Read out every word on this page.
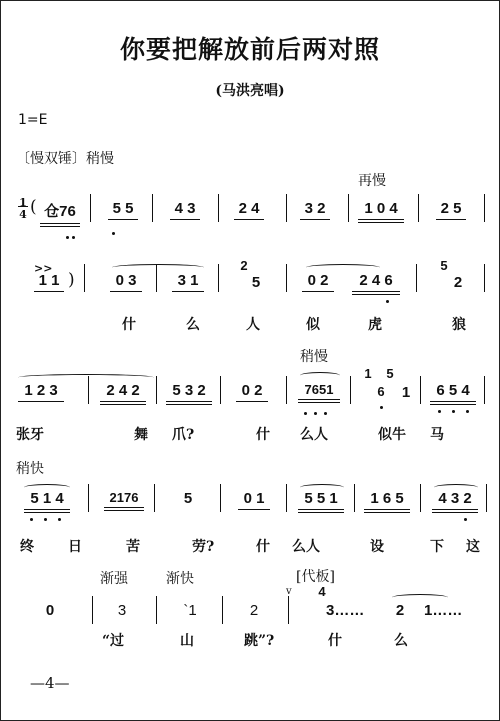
你要把解放前后两对照
(马洪亮唱)
1=E
〔慢双锤〕稍慢
再慢
1
4 ( 仓76	5 5	4 3	2 4	3 2	1 0 4	2 5
>>
1 1 )	0 3	3 1
2
5	0 2	2 4 6
5
2
什	么	人	似	虎	狼
稍慢
1 2 3	2 4 2	5 3 2	0 2	7651
1 5
6 1	6 5 4
张牙	舞 爪?	什 么人	似牛 马
稍快
5 1 4	2176	5	0 1	5 5 1	1 6 5	4 3 2
终 日	苦	劳?	什 么人	设	下 这
渐强	渐快	[代板]
0	3	`1	2
v 4
3……	2 1……
“过	山	跳”?	什	么
—4—
